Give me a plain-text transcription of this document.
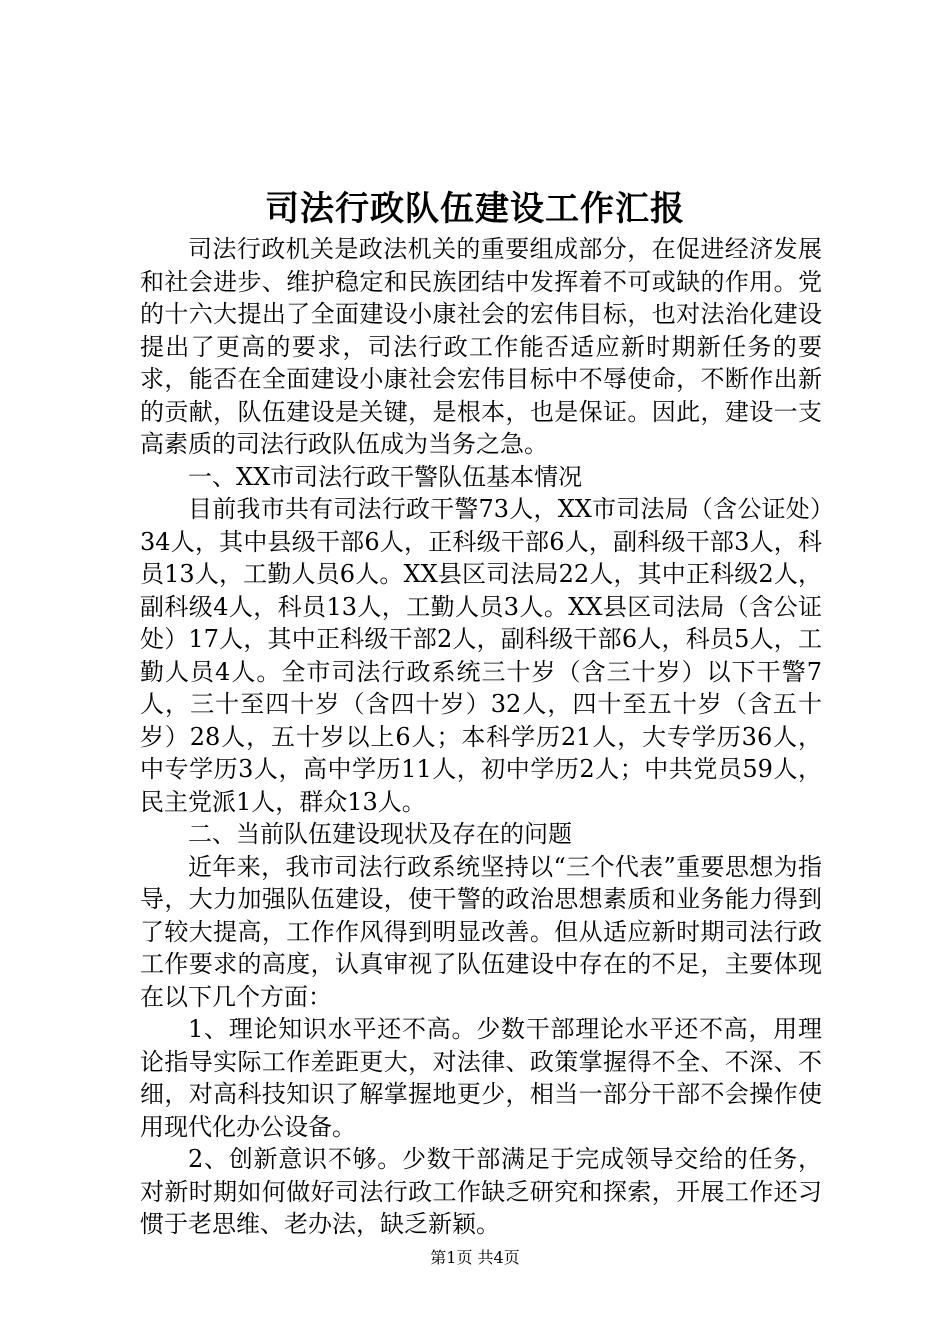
司法行政队伍建设工作汇报

司法行政机关是政法机关的重要组成部分，在促进经济发展和社会进步、维护稳定和民族团结中发挥着不可或缺的作用。党的十六大提出了全面建设小康社会的宏伟目标，也对法治化建设提出了更高的要求，司法行政工作能否适应新时期新任务的要求，能否在全面建设小康社会宏伟目标中不辱使命，不断作出新的贡献，队伍建设是关键，是根本，也是保证。因此，建设一支高素质的司法行政队伍成为当务之急。

一、XX市司法行政干警队伍基本情况

目前我市共有司法行政干警73人，XX市司法局（含公证处）34人，其中县级干部6人，正科级干部6人，副科级干部3人，科员13人，工勤人员6人。XX县区司法局22人，其中正科级2人，副科级4人，科员13人，工勤人员3人。XX县区司法局（含公证处）17人，其中正科级干部2人，副科级干部6人，科员5人，工勤人员4人。全市司法行政系统三十岁（含三十岁）以下干警7人，三十至四十岁（含四十岁）32人，四十至五十岁（含五十岁）28人，五十岁以上6人；本科学历21人，大专学历36人，中专学历3人，高中学历11人，初中学历2人；中共党员59人，民主党派1人，群众13人。

二、当前队伍建设现状及存在的问题

近年来，我市司法行政系统坚持以“三个代表”重要思想为指导，大力加强队伍建设，使干警的政治思想素质和业务能力得到了较大提高，工作作风得到明显改善。但从适应新时期司法行政工作要求的高度，认真审视了队伍建设中存在的不足，主要体现在以下几个方面：

1、理论知识水平还不高。少数干部理论水平还不高，用理论指导实际工作差距更大，对法律、政策掌握得不全、不深、不细，对高科技知识了解掌握地更少，相当一部分干部不会操作使用现代化办公设备。

2、创新意识不够。少数干部满足于完成领导交给的任务，对新时期如何做好司法行政工作缺乏研究和探索，开展工作还习惯于老思维、老办法，缺乏新颖。

第1页 共4页
